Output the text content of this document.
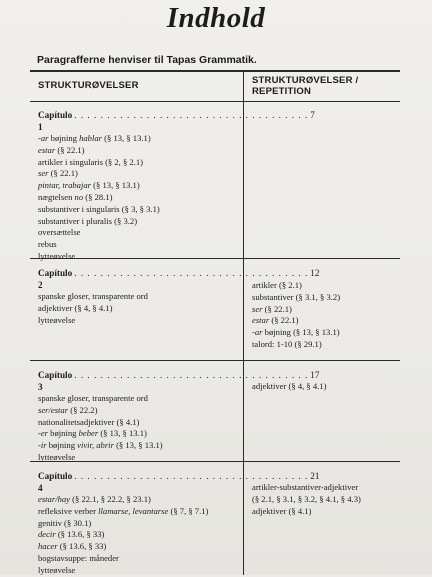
Indhold
Paragrafferne henviser til Tapas Grammatik.
STRUKTURØVELSER	STRUKTURØVELSER /
REPETITION
Capítulo 1
. . . . . . . . . . . . . . . . . . . . . . . . . . . . . . . . . . . . 7
-ar bøjning hablar (§ 13, § 13.1)
estar (§ 22.1)
artikler i singularis (§ 2, § 2.1)
ser (§ 22.1)
pintar, trabajar (§ 13, § 13.1)
nægtelsen no (§ 28.1)
substantiver i singularis (§ 3, § 3.1)
substantiver i pluralis (§ 3.2)
oversættelse
rebus
lytteøvelse
Capítulo 2
. . . . . . . . . . . . . . . . . . . . . . . . . . . . . . . . . . . . 12
spanske gloser, transparente ord
adjektiver (§ 4, § 4.1)
lytteøvelse
artikler (§ 2.1)
substantiver (§ 3.1, § 3.2)
ser (§ 22.1)
estar (§ 22.1)
-ar bøjning (§ 13, § 13.1)
talord: 1-10 (§ 29.1)
Capítulo 3
. . . . . . . . . . . . . . . . . . . . . . . . . . . . . . . . . . . . 17
spanske gloser, transparente ord
ser/estar (§ 22.2)
nationalitetsadjektiver (§ 4.1)
-er bøjning beber (§ 13, § 13.1)
-ir bøjning vivir, abrir (§ 13, § 13.1)
lytteøvelse
adjektiver (§ 4, § 4.1)
Capítulo 4
. . . . . . . . . . . . . . . . . . . . . . . . . . . . . . . . . . . . 21
estar/hay (§ 22.1, § 22.2, § 23.1)
refleksive verber llamarse, levantarse (§ 7, § 7.1)
genitiv (§ 30.1)
decir (§ 13.6, § 33)
hacer (§ 13.6, § 33)
bogstavsuppe: måneder
lytteøvelse
artikler-substantiver-adjektiver
(§ 2.1, § 3.1, § 3.2, § 4.1, § 4.3)
adjektiver (§ 4.1)
